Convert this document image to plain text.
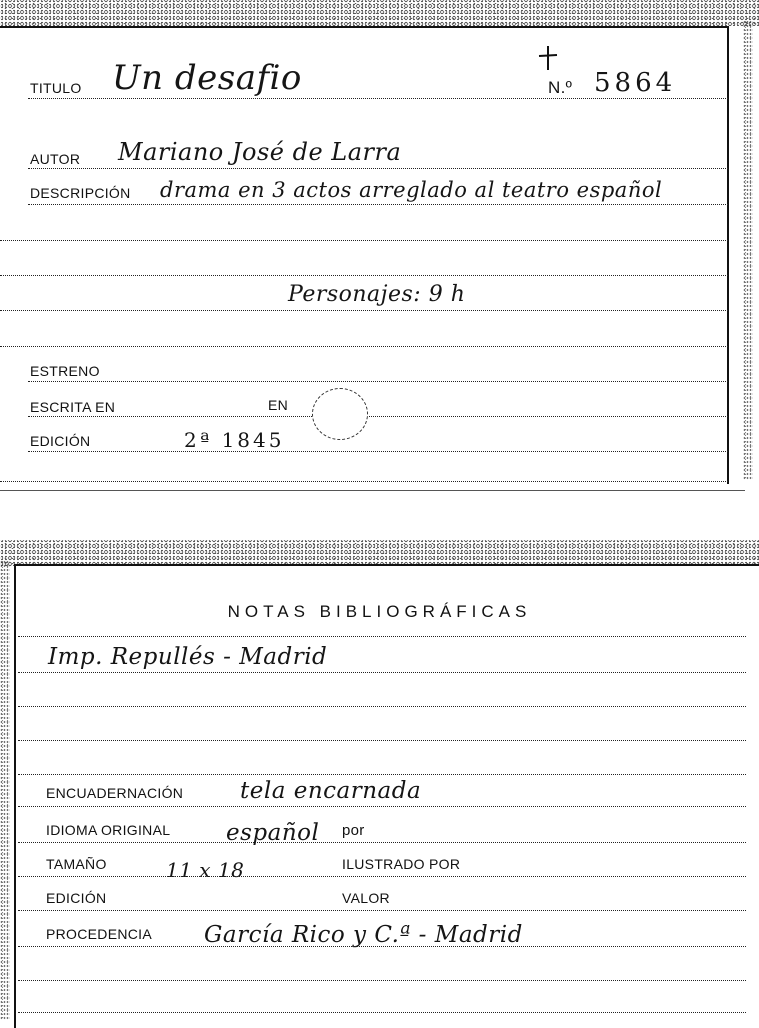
TITULO Un desafio	N.º 5864
AUTOR Mariano José de Larra
DESCRIPCIÓN drama en 3 actos arreglado al teatro español
Personajes: 9 h
ESTRENO
ESCRITA EN	EN
EDICIÓN	2ª 1845
NOTAS BIBLIOGRÁFICAS
Imp. Repullés - Madrid
ENCUADERNACIÓN tela encarnada
IDIOMA ORIGINAL español por
TAMAÑO	11 x 18	ILUSTRADO POR
EDICIÓN	VALOR
PROCEDENCIA García Rico y C.ª - Madrid
